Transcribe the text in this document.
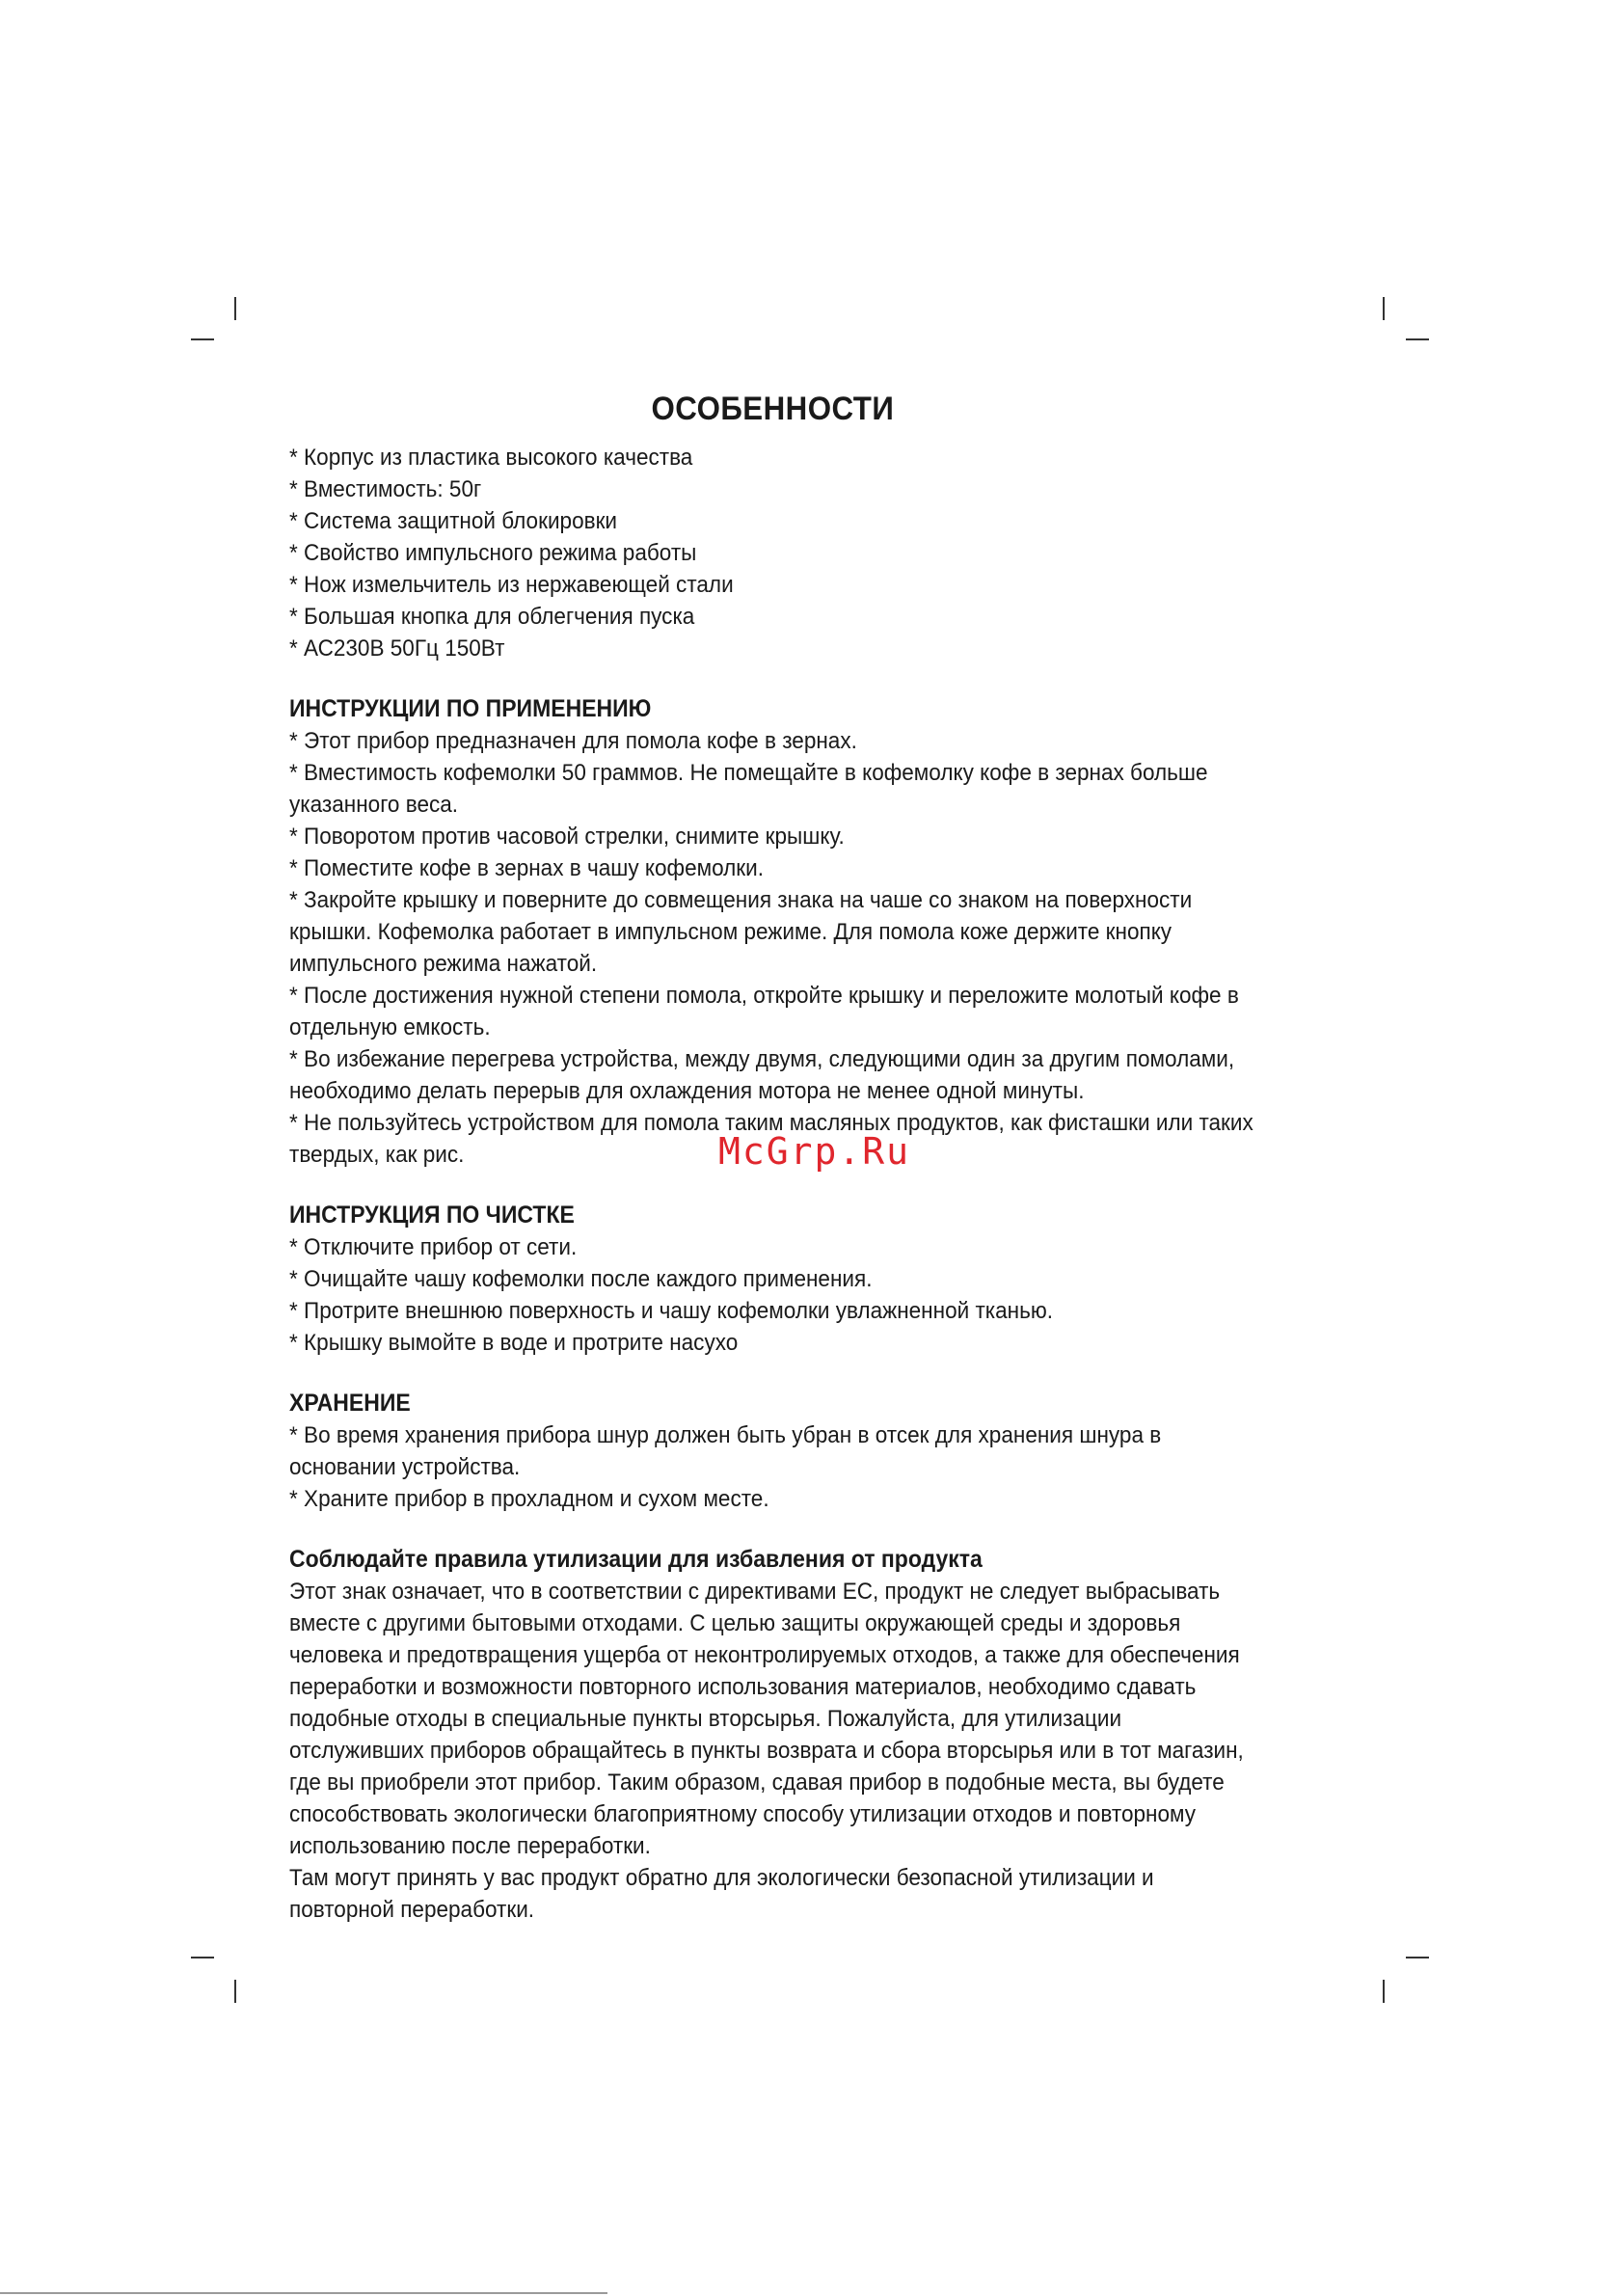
ОСОБЕННОСТИ
* Корпус из пластика высокого качества
* Вместимость: 50г
* Система защитной блокировки
* Свойство импульсного режима работы
* Нож измельчитель из нержавеющей стали
* Большая кнопка для облегчения пуска
* АС230В 50Гц 150Вт
ИНСТРУКЦИИ ПО ПРИМЕНЕНИЮ
* Этот прибор предназначен для помола кофе в зернах.
* Вместимость кофемолки 50 граммов. Не помещайте в кофемолку кофе в зернах больше указанного веса.
* Поворотом против часовой стрелки, снимите крышку.
* Поместите кофе в зернах в чашу кофемолки.
* Закройте крышку и поверните до совмещения знака на чаше со знаком на поверхности крышки. Кофемолка работает в импульсном режиме. Для помола коже держите кнопку импульсного режима нажатой.
* После достижения нужной степени помола, откройте крышку и переложите молотый кофе в отдельную емкость.
* Во избежание перегрева устройства, между двумя, следующими один за другим помолами, необходимо делать перерыв для охлаждения мотора не менее одной минуты.
* Не пользуйтесь устройством для помола таким масляных продуктов, как фисташки или таких твердых, как рис.
ИНСТРУКЦИЯ ПО ЧИСТКЕ
* Отключите прибор от сети.
* Очищайте чашу кофемолки после каждого применения.
* Протрите внешнюю поверхность и чашу кофемолки увлажненной тканью.
* Крышку вымойте в воде и протрите насухо
ХРАНЕНИЕ
* Во время хранения прибора шнур должен быть убран в отсек для хранения шнура в основании устройства.
* Храните прибор в прохладном и сухом месте.
Соблюдайте правила утилизации для избавления от продукта

Этот знак означает, что в соответствии с директивами ЕС, продукт не следует выбрасывать вместе с другими бытовыми отходами. С целью защиты окружающей среды и здоровья человека и предотвращения ущерба от неконтролируемых отходов, а также для обеспечения переработки и возможности повторного использования материалов, необходимо сдавать подобные отходы в специальные пункты вторсырья. Пожалуйста, для утилизации отслуживших приборов обращайтесь в пункты возврата и сбора вторсырья или в тот магазин, где вы приобрели этот прибор. Таким образом, сдавая прибор в подобные места, вы будете способствовать экологически благоприятному способу утилизации отходов и повторному использованию после переработки.

Там могут принять у вас продукт обратно для экологически безопасной утилизации и повторной переработки.

McGrp.Ru
